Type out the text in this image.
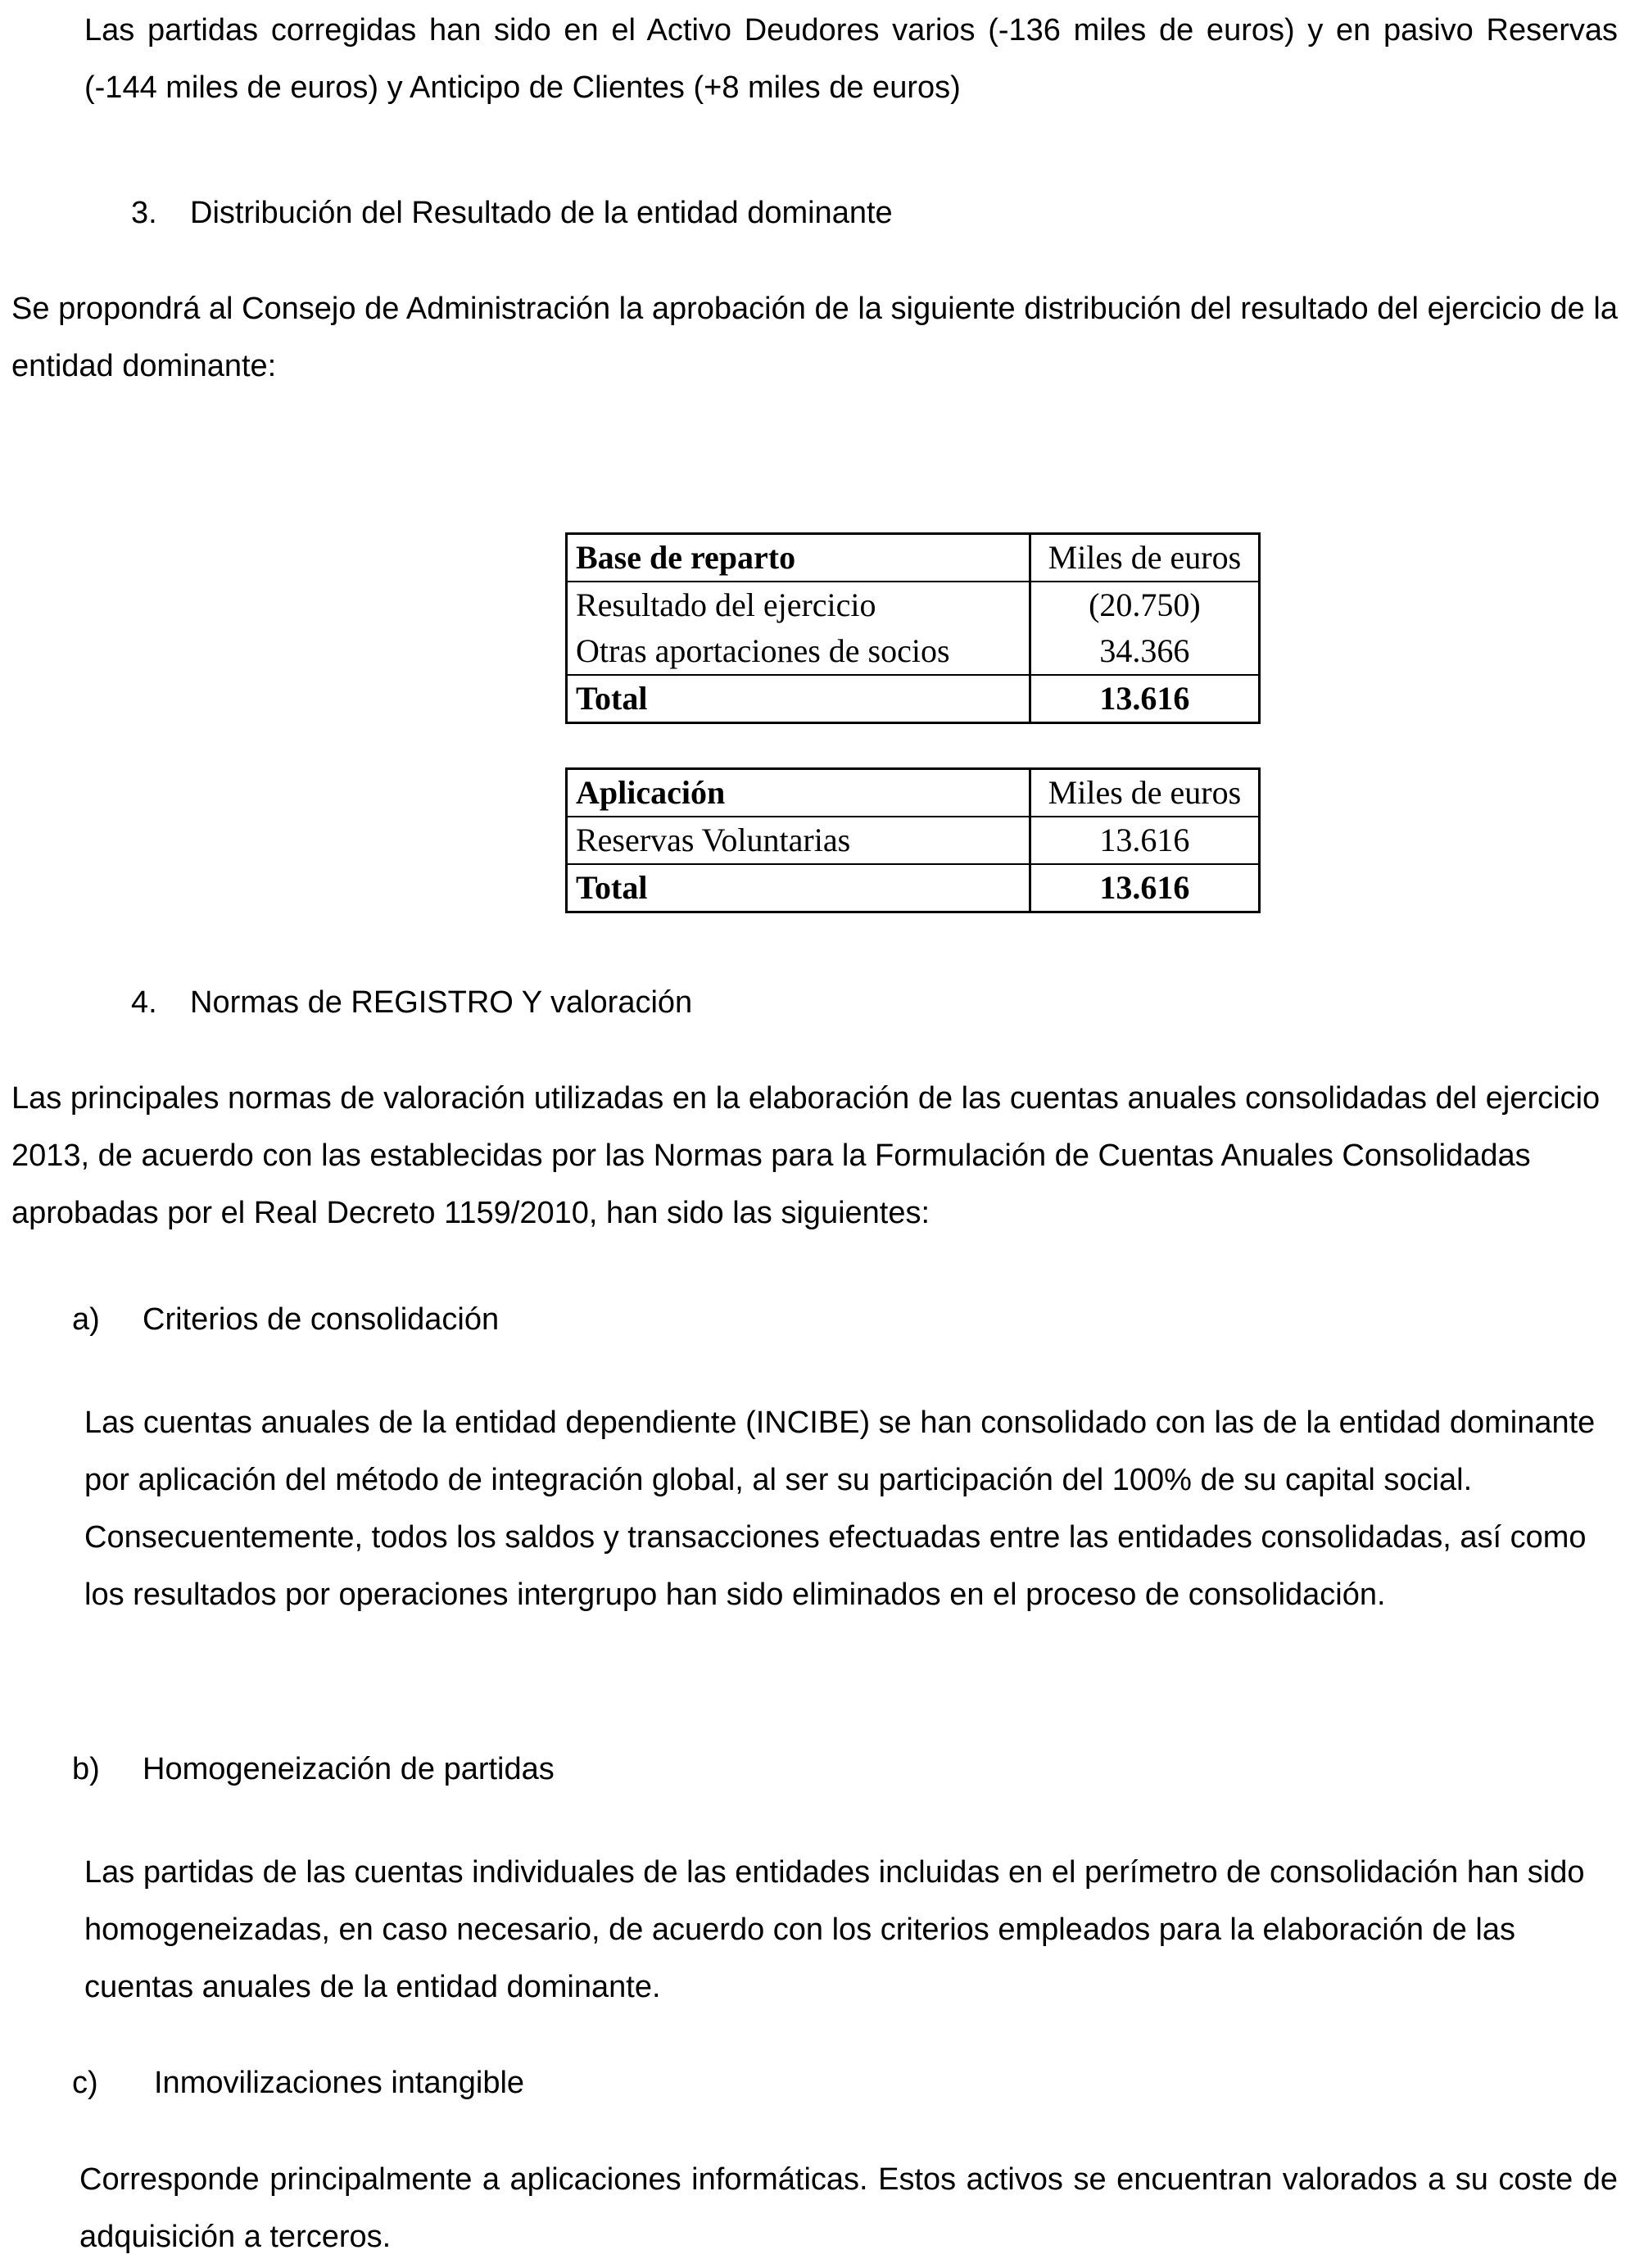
Las partidas corregidas han sido en el Activo Deudores varios (-136 miles de euros) y en pasivo Reservas (-144 miles de euros) y Anticipo de Clientes (+8 miles de euros)

3. Distribución del Resultado de la entidad dominante

Se propondrá al Consejo de Administración la aprobación de la siguiente distribución del resultado del ejercicio de la entidad dominante:

Base de reparto	Miles de euros
Resultado del ejercicio	(20.750)
Otras aportaciones de socios	34.366
Total	13.616
Aplicación	Miles de euros
Reservas Voluntarias	13.616
Total	13.616
4. Normas de REGISTRO Y valoración

Las principales normas de valoración utilizadas en la elaboración de las cuentas anuales consolidadas del ejercicio 2013, de acuerdo con las establecidas por las Normas para la Formulación de Cuentas Anuales Consolidadas aprobadas por el Real Decreto 1159/2010, han sido las siguientes:

a) Criterios de consolidación

Las cuentas anuales de la entidad dependiente (INCIBE) se han consolidado con las de la entidad dominante por aplicación del método de integración global, al ser su participación del 100% de su capital social. Consecuentemente, todos los saldos y transacciones efectuadas entre las entidades consolidadas, así como los resultados por operaciones intergrupo han sido eliminados en el proceso de consolidación.

b) Homogeneización de partidas

Las partidas de las cuentas individuales de las entidades incluidas en el perímetro de consolidación han sido homogeneizadas, en caso necesario, de acuerdo con los criterios empleados para la elaboración de las cuentas anuales de la entidad dominante.

c) Inmovilizaciones intangible

Corresponde principalmente a aplicaciones informáticas. Estos activos se encuentran valorados a su coste de adquisición a terceros.
